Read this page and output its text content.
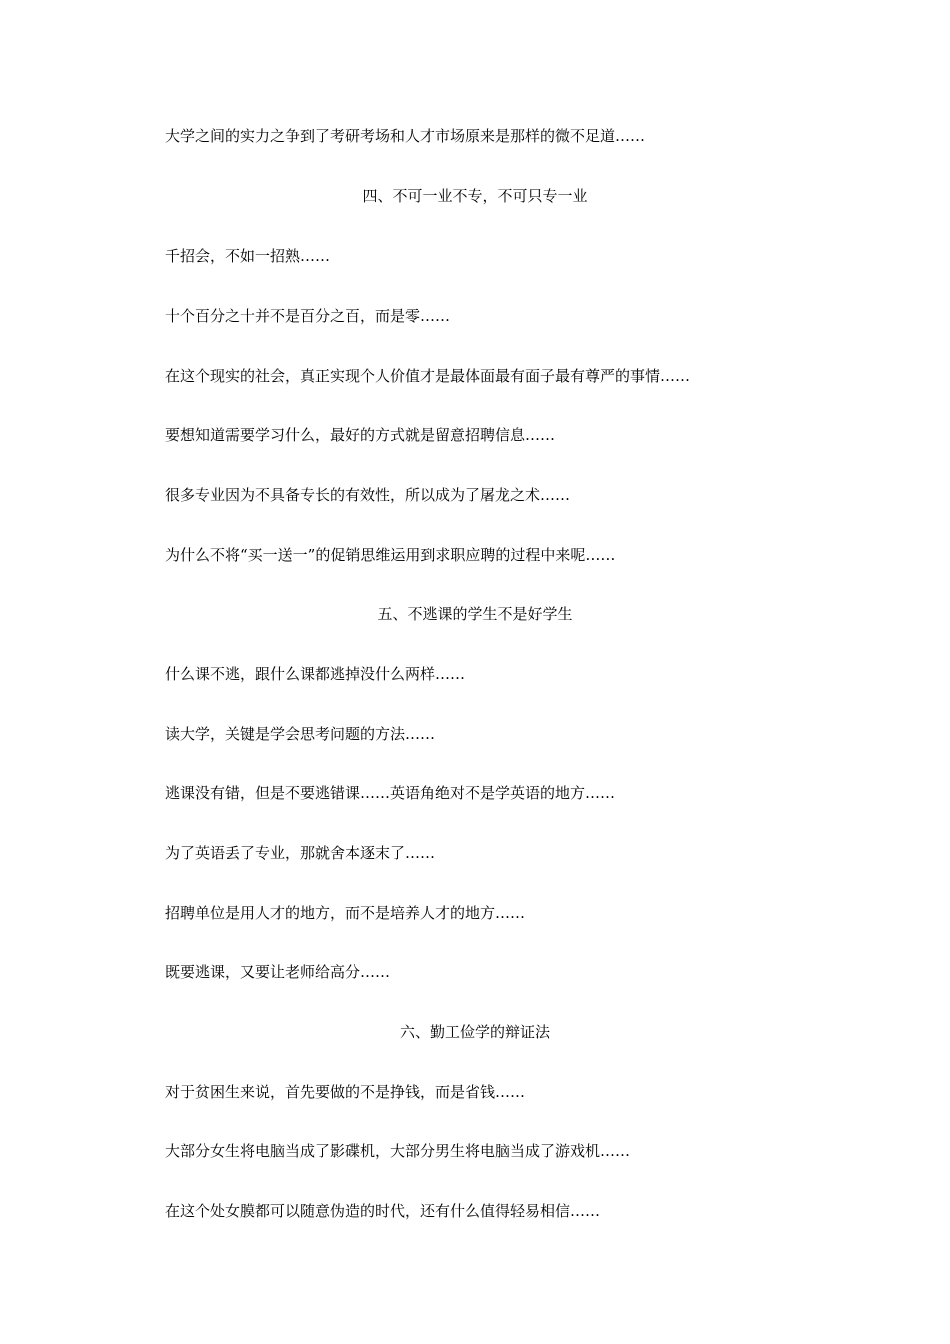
大学之间的实力之争到了考研考场和人才市场原来是那样的微不足道……
四、不可一业不专，不可只专一业
千招会，不如一招熟……
十个百分之十并不是百分之百，而是零……
在这个现实的社会，真正实现个人价值才是最体面最有面子最有尊严的事情……
要想知道需要学习什么，最好的方式就是留意招聘信息……
很多专业因为不具备专长的有效性，所以成为了屠龙之术……
为什么不将“买一送一”的促销思维运用到求职应聘的过程中来呢……
五、不逃课的学生不是好学生
什么课不逃，跟什么课都逃掉没什么两样……
读大学，关键是学会思考问题的方法……
逃课没有错，但是不要逃错课……英语角绝对不是学英语的地方……
为了英语丢了专业，那就舍本逐末了……
招聘单位是用人才的地方，而不是培养人才的地方……
既要逃课，又要让老师给高分……
六、勤工俭学的辩证法
对于贫困生来说，首先要做的不是挣钱，而是省钱……
大部分女生将电脑当成了影碟机，大部分男生将电脑当成了游戏机……
在这个处女膜都可以随意伪造的时代，还有什么值得轻易相信……
